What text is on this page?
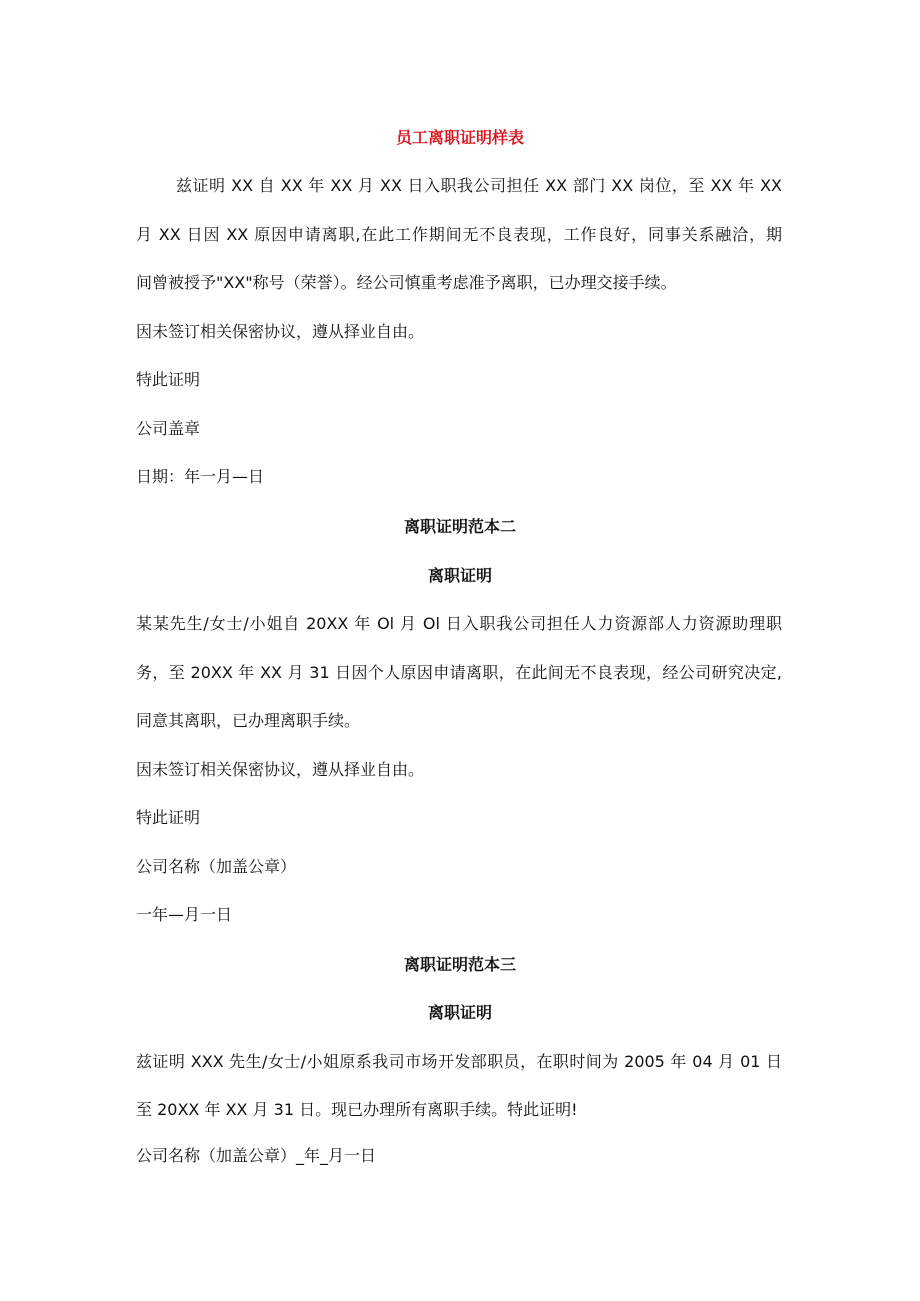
员工离职证明样表
兹证明 XX 自 XX 年 XX 月 XX 日入职我公司担任 XX 部门 XX 岗位，至 XX 年 XX
月 XX 日因 XX 原因申请离职,在此工作期间无不良表现，工作良好，同事关系融洽，期
间曾被授予"XX"称号（荣誉）。经公司慎重考虑准予离职，已办理交接手续。
因未签订相关保密协议，遵从择业自由。
特此证明
公司盖章
日期：年一月—日
离职证明范本二
离职证明
某某先生/女士/小姐自 20XX 年 Ol 月 Ol 日入职我公司担任人力资源部人力资源助理职
务，至 20XX 年 XX 月 31 日因个人原因申请离职，在此间无不良表现，经公司研究决定,
同意其离职，已办理离职手续。
因未签订相关保密协议，遵从择业自由。
特此证明
公司名称（加盖公章）
一年—月一日
离职证明范本三
离职证明
兹证明 XXX 先生/女士/小姐原系我司市场开发部职员，在职时间为 2005 年 04 月 01 日
至 20XX 年 XX 月 31 日。现已办理所有离职手续。特此证明!
公司名称（加盖公章）_年_月一日
